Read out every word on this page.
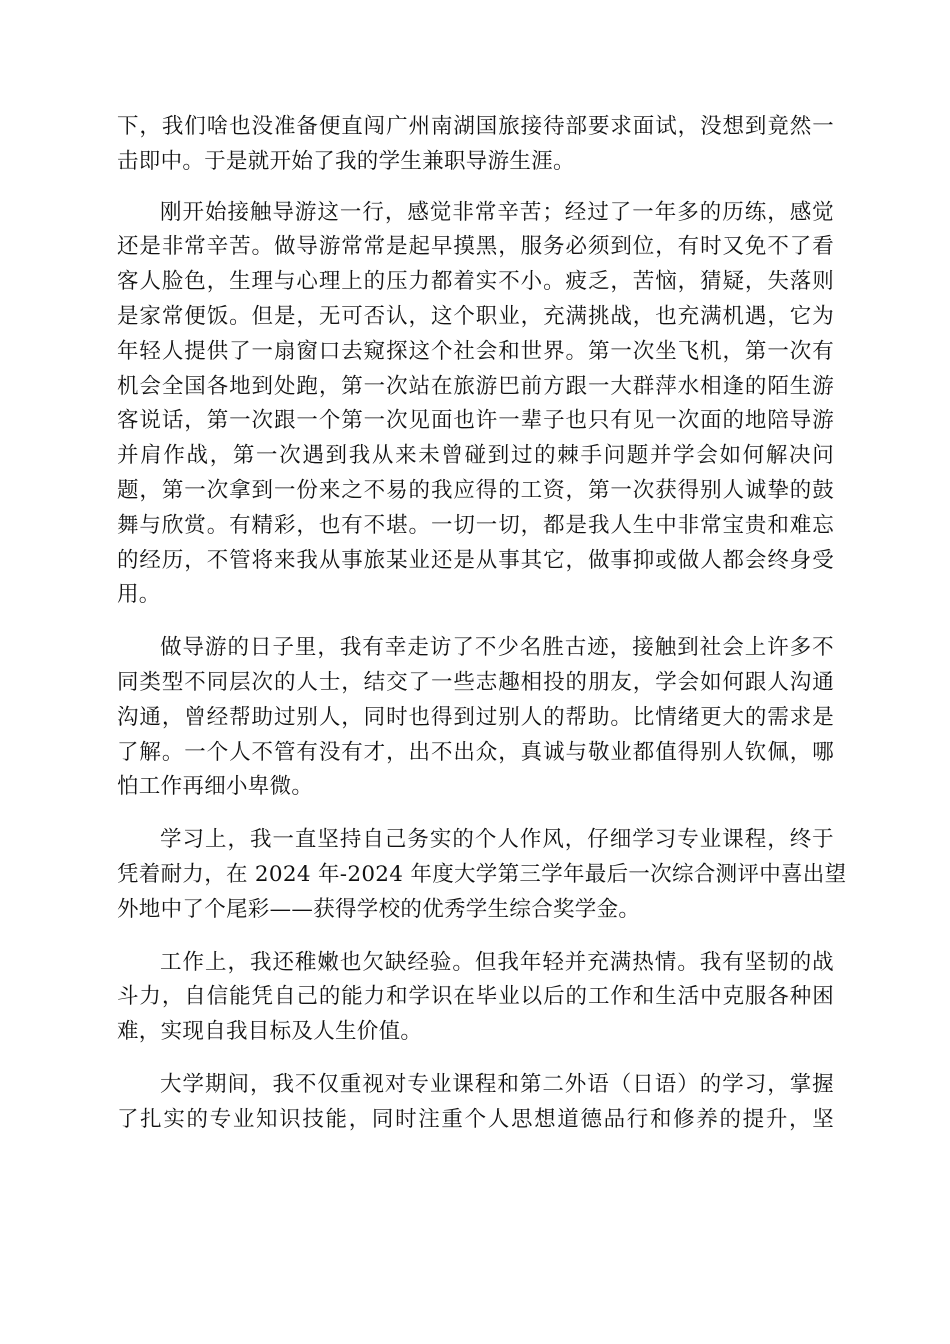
下，我们啥也没准备便直闯广州南湖国旅接待部要求面试，没想到竟然一
击即中。于是就开始了我的学生兼职导游生涯。
刚开始接触导游这一行，感觉非常辛苦；经过了一年多的历练，感觉
还是非常辛苦。做导游常常是起早摸黑，服务必须到位，有时又免不了看
客人脸色，生理与心理上的压力都着实不小。疲乏，苦恼，猜疑，失落则
是家常便饭。但是，无可否认，这个职业，充满挑战，也充满机遇，它为
年轻人提供了一扇窗口去窥探这个社会和世界。第一次坐飞机，第一次有
机会全国各地到处跑，第一次站在旅游巴前方跟一大群萍水相逢的陌生游
客说话，第一次跟一个第一次见面也许一辈子也只有见一次面的地陪导游
并肩作战，第一次遇到我从来未曾碰到过的棘手问题并学会如何解决问
题，第一次拿到一份来之不易的我应得的工资，第一次获得别人诚挚的鼓
舞与欣赏。有精彩，也有不堪。一切一切，都是我人生中非常宝贵和难忘
的经历，不管将来我从事旅某业还是从事其它，做事抑或做人都会终身受
用。
做导游的日子里，我有幸走访了不少名胜古迹，接触到社会上许多不
同类型不同层次的人士，结交了一些志趣相投的朋友，学会如何跟人沟通
沟通，曾经帮助过别人，同时也得到过别人的帮助。比情绪更大的需求是
了解。一个人不管有没有才，出不出众，真诚与敬业都值得别人钦佩，哪
怕工作再细小卑微。
学习上，我一直坚持自己务实的个人作风，仔细学习专业课程，终于
凭着耐力，在 2024 年-2024 年度大学第三学年最后一次综合测评中喜出望
外地中了个尾彩——获得学校的优秀学生综合奖学金。
工作上，我还稚嫩也欠缺经验。但我年轻并充满热情。我有坚韧的战
斗力，自信能凭自己的能力和学识在毕业以后的工作和生活中克服各种困
难，实现自我目标及人生价值。
大学期间，我不仅重视对专业课程和第二外语（日语）的学习，掌握
了扎实的专业知识技能，同时注重个人思想道德品行和修养的提升，坚
